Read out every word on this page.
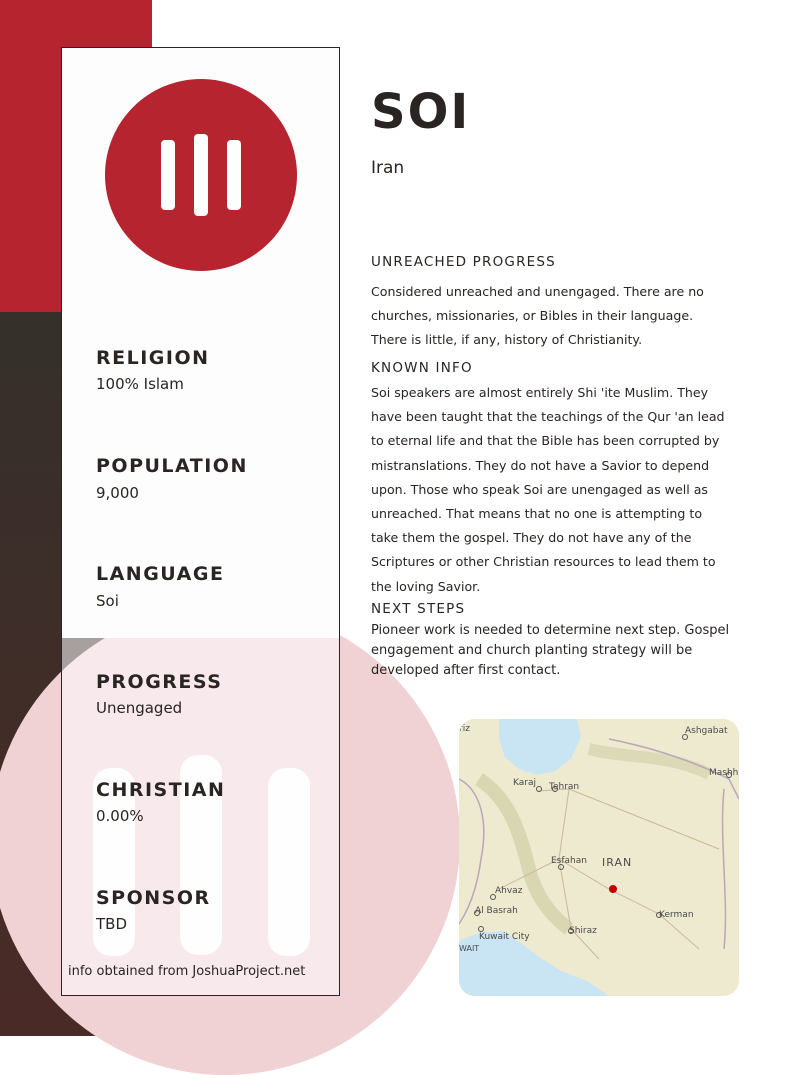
RELIGION
100% Islam
POPULATION
9,000
LANGUAGE
Soi
PROGRESS
Unengaged
CHRISTIAN
0.00%
SPONSOR
TBD
info obtained from JoshuaProject.net
SOI
Iran
UNREACHED PROGRESS
Considered unreached and unengaged. There are no
churches, missionaries, or Bibles in their language.
There is little, if any, history of Christianity.
KNOWN INFO
Soi speakers are almost entirely Shi 'ite Muslim. They
have been taught that the teachings of the Qur 'an lead
to eternal life and that the Bible has been corrupted by
mistranslations. They do not have a Savior to depend
upon. Those who speak Soi are unengaged as well as
unreached. That means that no one is attempting to
take them the gospel. They do not have any of the
Scriptures or other Christian resources to lead them to
the loving Savior.
NEXT STEPS
Pioneer work is needed to determine next step. Gospel
engagement and church planting strategy will be
developed after first contact.
riz	Ashgabat
Mashh
Karaj Tehran
Esfahan IRAN
Ahvaz
Al Basrah	Kerman
Kuwait City
Shiraz
WAIT
